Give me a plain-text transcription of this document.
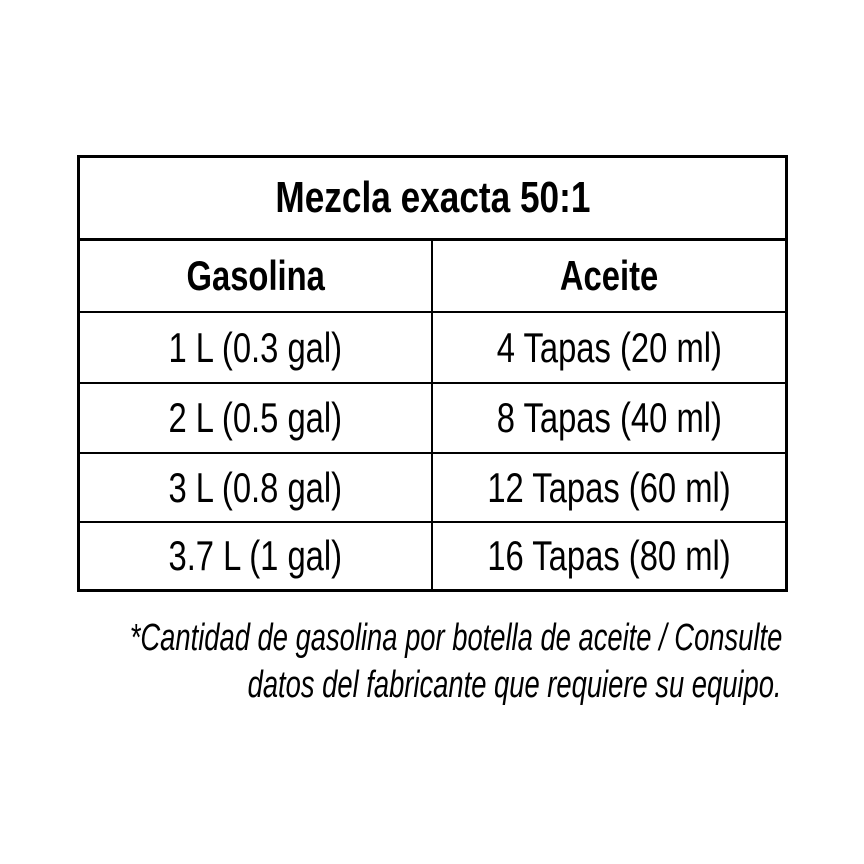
Mezcla exacta 50:1
Gasolina	Aceite
1 L (0.3 gal)	4 Tapas (20 ml)
2 L (0.5 gal)	8 Tapas (40 ml)
3 L (0.8 gal)	12 Tapas (60 ml)
3.7 L (1 gal)	16 Tapas (80 ml)
*Cantidad de gasolina por botella de aceite / Consulte
datos del fabricante que requiere su equipo.
